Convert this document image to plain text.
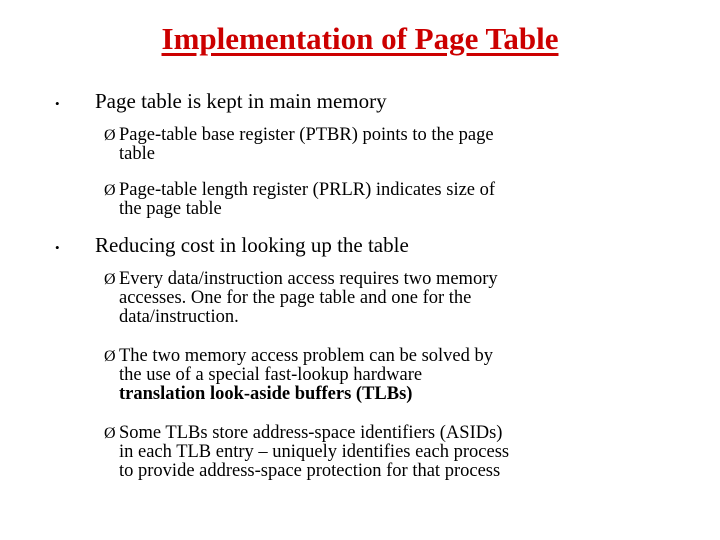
Implementation of Page Table
• Page table is kept in main memory
Ø Page-table base register (PTBR) points to the page
table
Ø Page-table length register (PRLR) indicates size of
the page table
• Reducing cost in looking up the table
Ø Every data/instruction access requires two memory
accesses. One for the page table and one for the
data/instruction.
Ø The two memory access problem can be solved by
the use of a special fast-lookup hardware
translation look-aside buffers (TLBs)
Ø Some TLBs store address-space identifiers (ASIDs)
in each TLB entry – uniquely identifies each process
to provide address-space protection for that process
